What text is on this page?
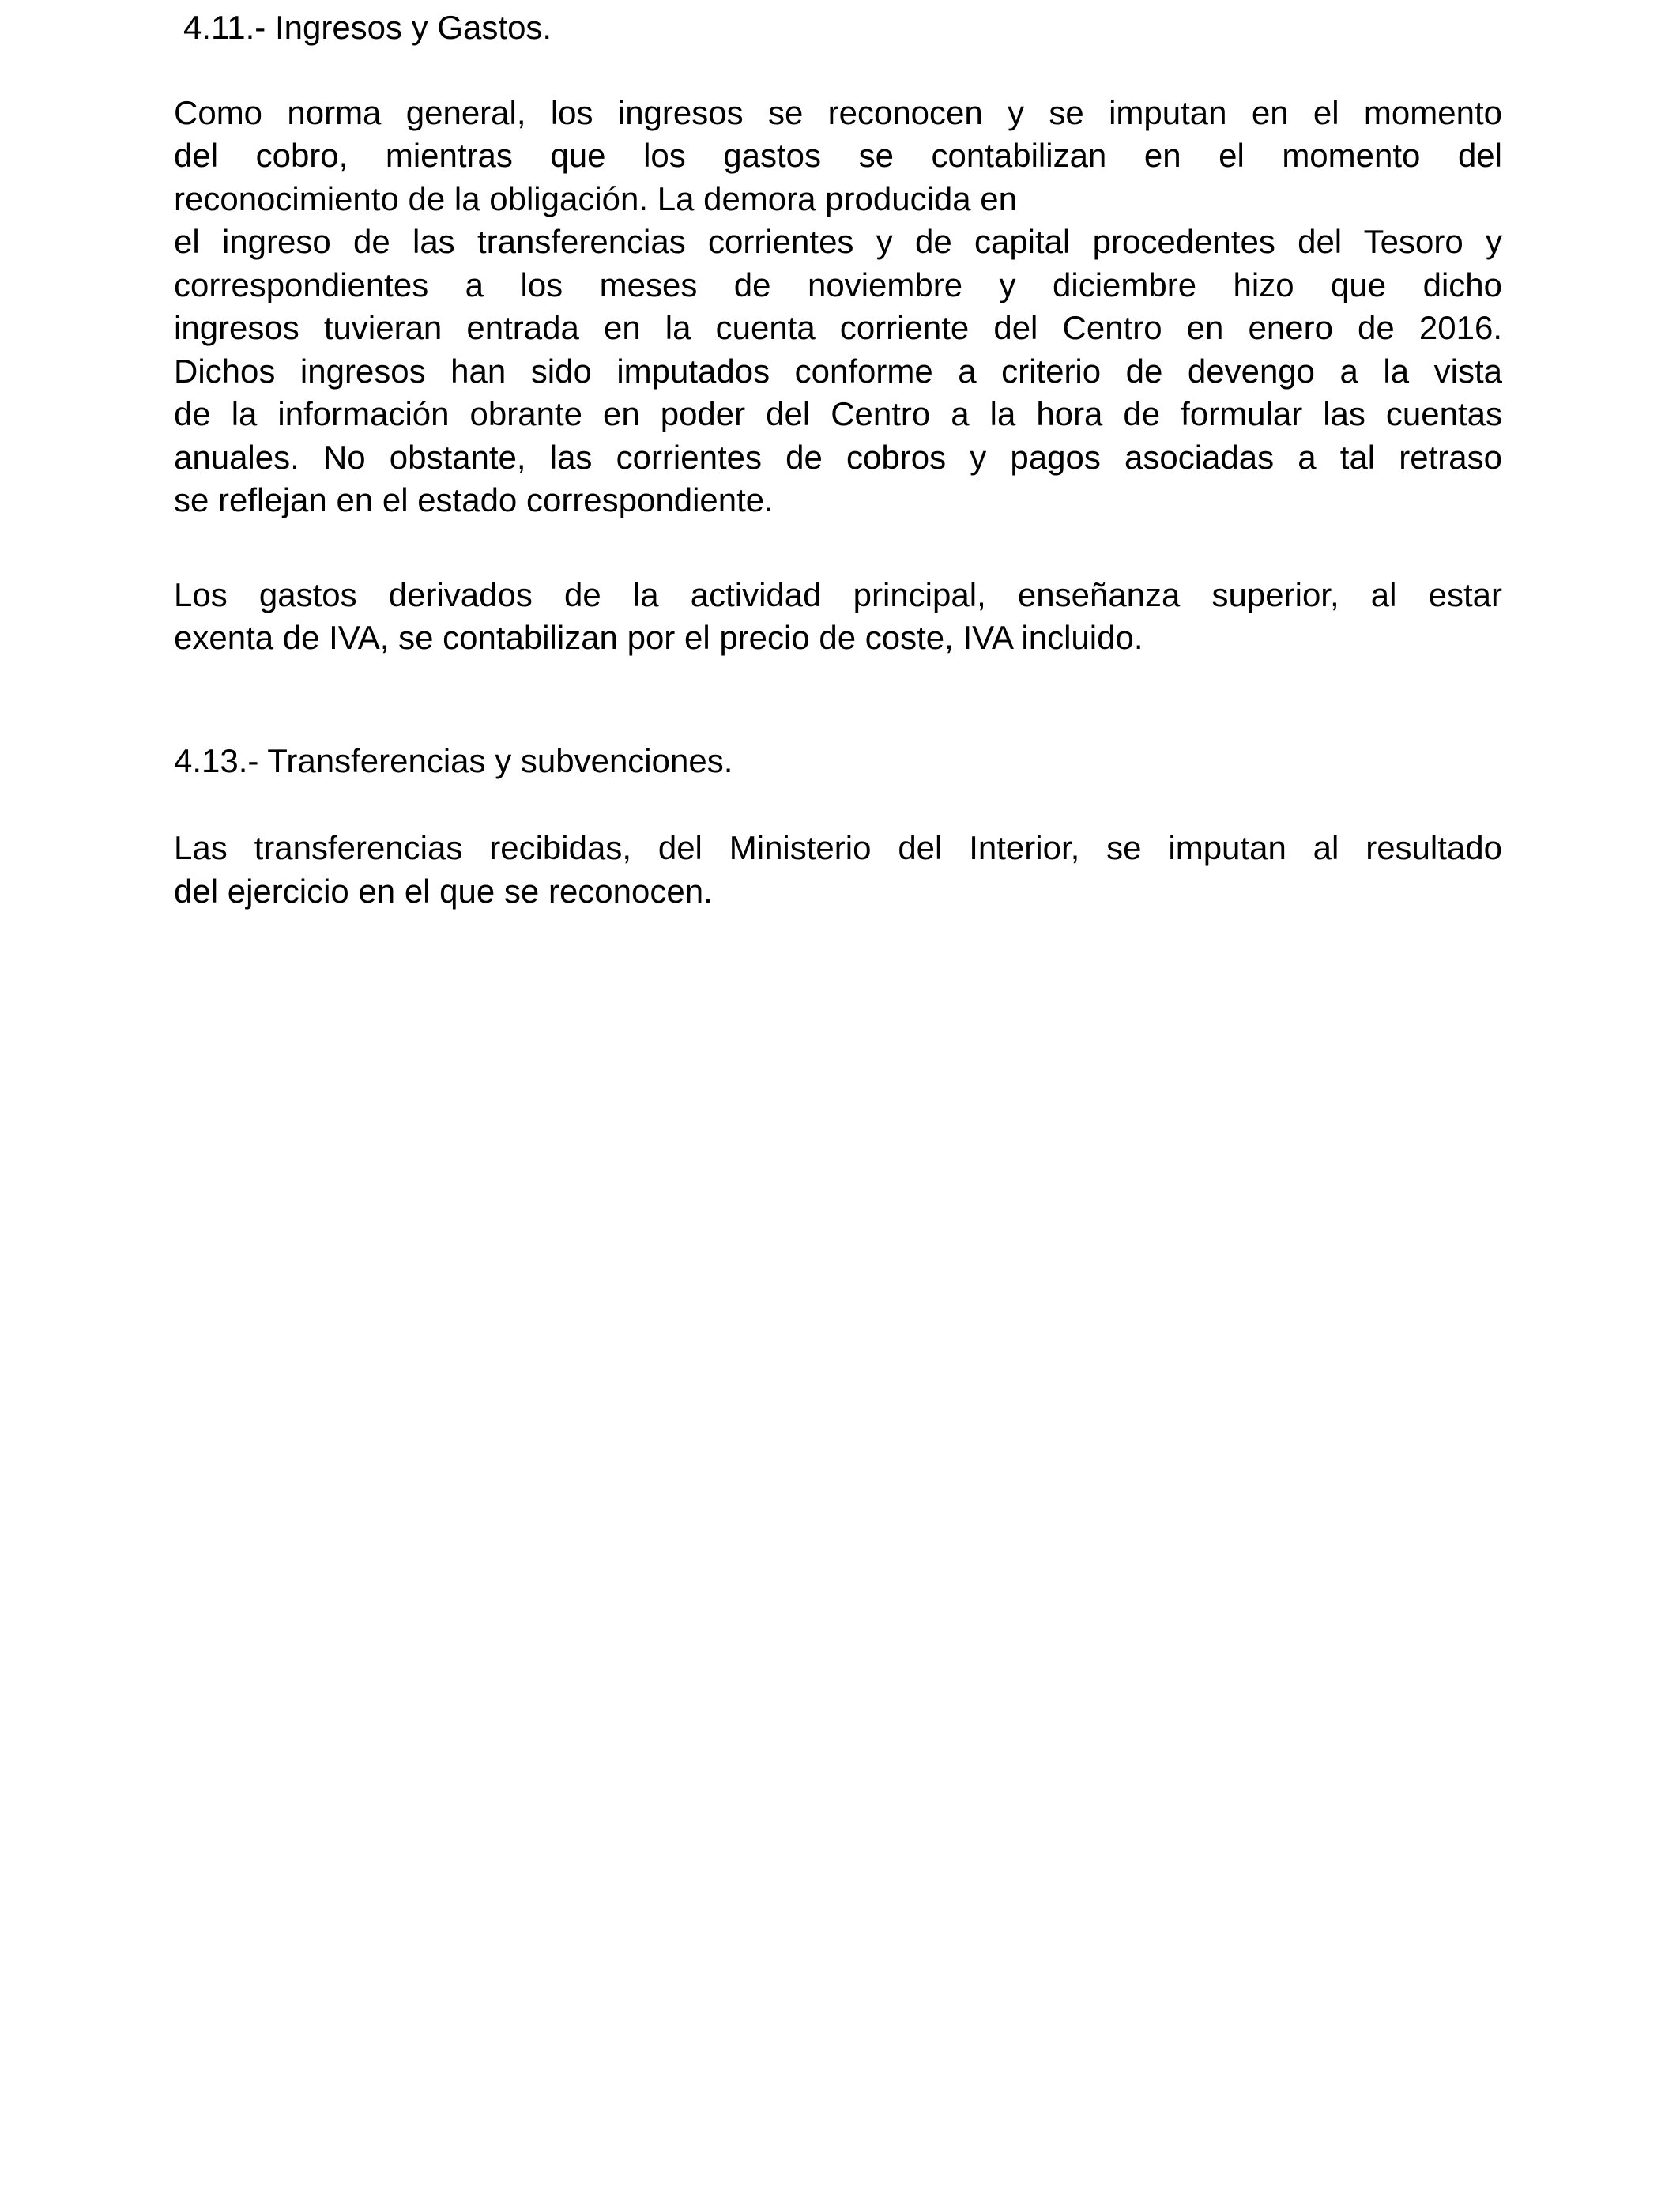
4.11.- Ingresos y Gastos.

Como norma general, los ingresos se reconocen y se imputan en el momento
del cobro, mientras que los gastos se contabilizan en el momento del
reconocimiento de la obligación. La demora producida en
el ingreso de las transferencias corrientes y de capital procedentes del Tesoro y
correspondientes a los meses de noviembre y diciembre hizo que dicho
ingresos tuvieran entrada en la cuenta corriente del Centro en enero de 2016.
Dichos ingresos han sido imputados conforme a criterio de devengo a la vista
de la información obrante en poder del Centro a la hora de formular las cuentas
anuales. No obstante, las corrientes de cobros y pagos asociadas a tal retraso
se reflejan en el estado correspondiente.

Los gastos derivados de la actividad principal, enseñanza superior, al estar
exenta de IVA, se contabilizan por el precio de coste, IVA incluido.

4.13.- Transferencias y subvenciones.

Las transferencias recibidas, del Ministerio del Interior, se imputan al resultado
del ejercicio en el que se reconocen.
